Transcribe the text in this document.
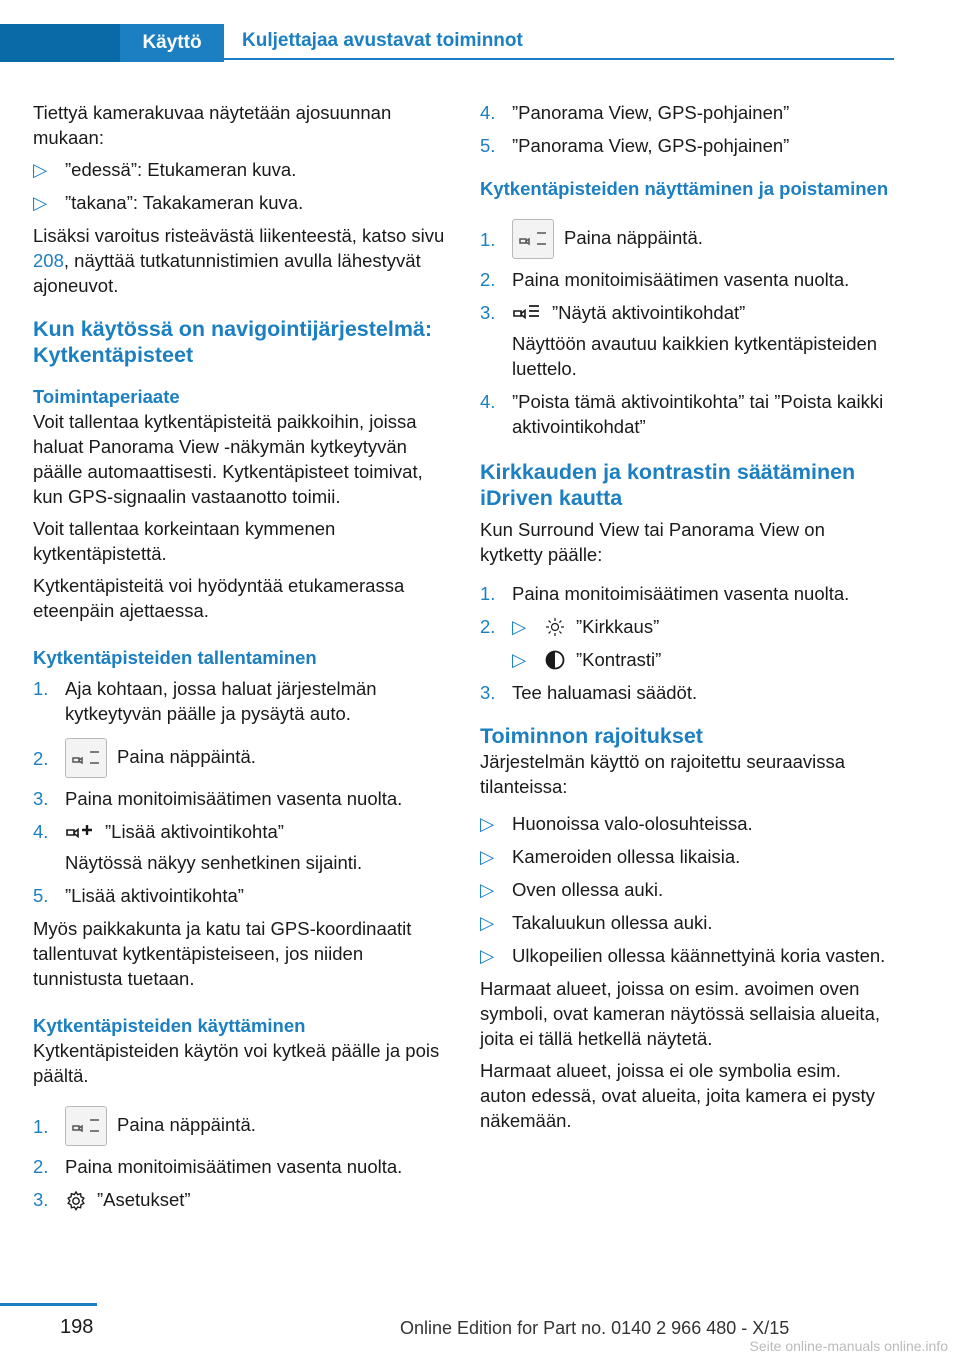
Käyttö	Kuljettajaa avustavat toiminnot

Tiettyä kamerakuvaa näytetään ajosuunnan mukaan:

▷ ”edessä”: Etukameran kuva.
▷ ”takana”: Takakameran kuva.

Lisäksi varoitus risteävästä liikenteestä, katso sivu 208, näyttää tutkatunnistimien avulla lähestyvät ajoneuvot.

Kun käytössä on navigointijärjestelmä: Kytkentäpisteet
Toimintaperiaate

Voit tallentaa kytkentäpisteitä paikkoihin, joissa haluat Panorama View -näkymän kytkeytyvän päälle automaattisesti. Kytkentäpisteet toimivat, kun GPS-signaalin vastaanotto toimii.

Voit tallentaa korkeintaan kymmenen kytkentäpistettä.

Kytkentäpisteitä voi hyödyntää etukamerassa eteenpäin ajettaessa.

Kytkentäpisteiden tallentaminen
1. Aja kohtaan, jossa haluat järjestelmän kytkeytyvän päälle ja pysäytä auto.
2.	Paina näppäintä.
3. Paina monitoimisäätimen vasenta nuolta.
4.	”Lisää aktivointikohta”

Näytössä näkyy senhetkinen sijainti.

5. ”Lisää aktivointikohta”

Myös paikkakunta ja katu tai GPS-koordinaatit tallentuvat kytkentäpisteiseen, jos niiden tunnistusta tuetaan.

Kytkentäpisteiden käyttäminen

Kytkentäpisteiden käytön voi kytkeä päälle ja pois päältä.

1.	Paina näppäintä.
2. Paina monitoimisäätimen vasenta nuolta.
3.	”Asetukset”
4. ”Panorama View, GPS-pohjainen”
5. ”Panorama View, GPS-pohjainen”
Kytkentäpisteiden näyttäminen ja poistaminen
1.	Paina näppäintä.
2. Paina monitoimisäätimen vasenta nuolta.
3.	”Näytä aktivointikohdat”

Näyttöön avautuu kaikkien kytkentäpisteiden luettelo.

4. ”Poista tämä aktivointikohta” tai ”Poista kaikki aktivointikohdat”
Kirkkauden ja kontrastin säätäminen iDriven kautta

Kun Surround View tai Panorama View on kytketty päälle:

1. Paina monitoimisäätimen vasenta nuolta.
2. ▷	”Kirkkaus”
▷	”Kontrasti”
3. Tee haluamasi säädöt.
Toiminnon rajoitukset

Järjestelmän käyttö on rajoitettu seuraavissa tilanteissa:

▷ Huonoissa valo-olosuhteissa.
▷ Kameroiden ollessa likaisia.
▷ Oven ollessa auki.
▷ Takaluukun ollessa auki.
▷ Ulkopeilien ollessa käännettyinä koria vasten.

Harmaat alueet, joissa on esim. avoimen oven symboli, ovat kameran näytössä sellaisia alueita, joita ei tällä hetkellä näytetä.

Harmaat alueet, joissa ei ole symbolia esim. auton edessä, ovat alueita, joita kamera ei pysty näkemään.

198	Online Edition for Part no. 0140 2 966 480 - X/15
Seite online-manuals online.info
